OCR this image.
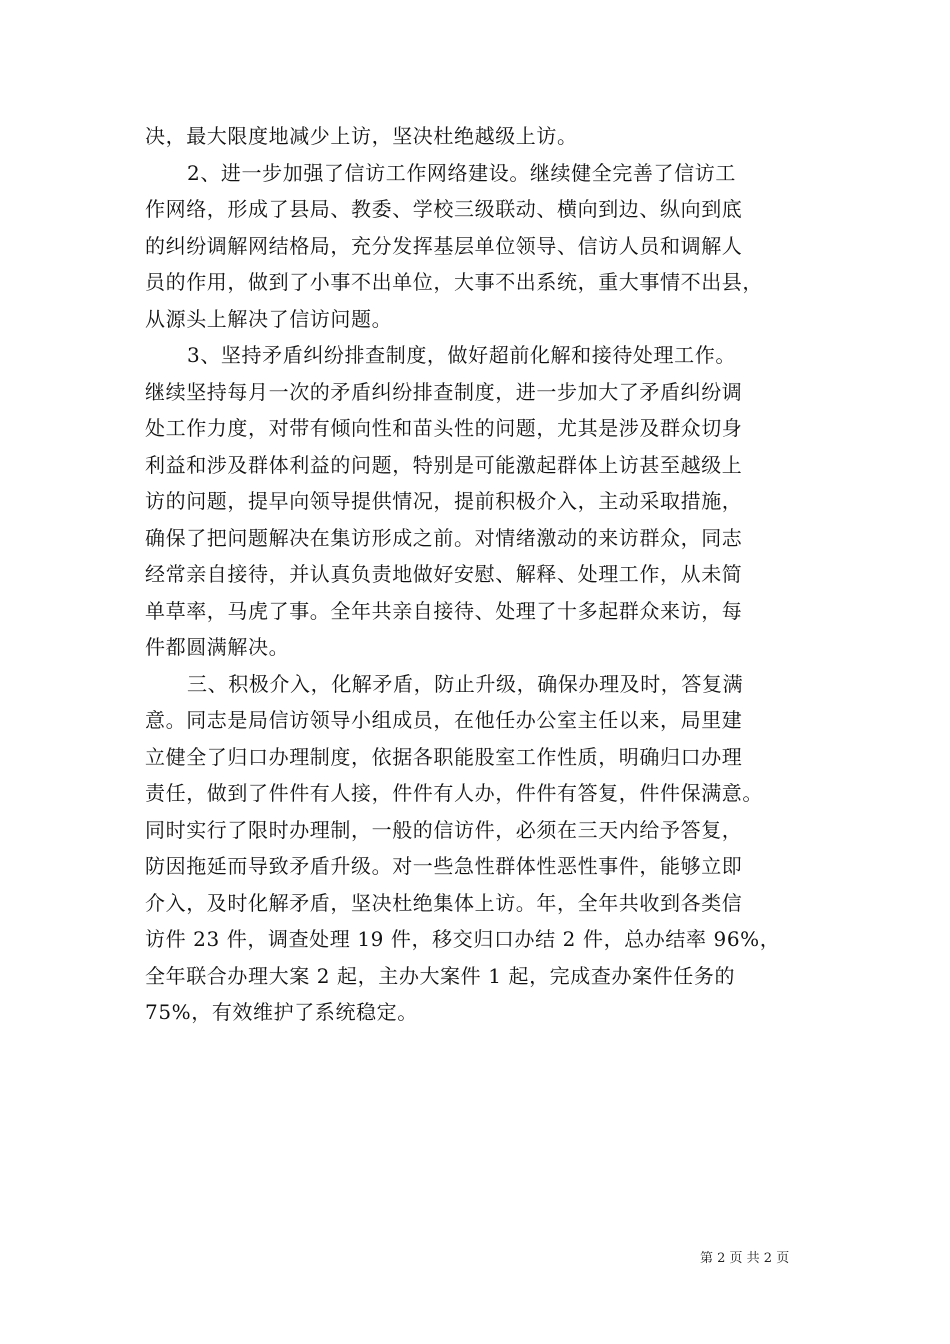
决，最大限度地减少上访，坚决杜绝越级上访。
2、进一步加强了信访工作网络建设。继续健全完善了信访工
作网络，形成了县局、教委、学校三级联动、横向到边、纵向到底
的纠纷调解网结格局，充分发挥基层单位领导、信访人员和调解人
员的作用，做到了小事不出单位，大事不出系统，重大事情不出县，
从源头上解决了信访问题。
3、坚持矛盾纠纷排查制度，做好超前化解和接待处理工作。
继续坚持每月一次的矛盾纠纷排查制度，进一步加大了矛盾纠纷调
处工作力度，对带有倾向性和苗头性的问题，尤其是涉及群众切身
利益和涉及群体利益的问题，特别是可能激起群体上访甚至越级上
访的问题，提早向领导提供情况，提前积极介入，主动采取措施，
确保了把问题解决在集访形成之前。对情绪激动的来访群众，同志
经常亲自接待，并认真负责地做好安慰、解释、处理工作，从未简
单草率，马虎了事。全年共亲自接待、处理了十多起群众来访，每
件都圆满解决。
三、积极介入，化解矛盾，防止升级，确保办理及时，答复满
意。同志是局信访领导小组成员，在他任办公室主任以来，局里建
立健全了归口办理制度，依据各职能股室工作性质，明确归口办理
责任，做到了件件有人接，件件有人办，件件有答复，件件保满意。
同时实行了限时办理制，一般的信访件，必须在三天内给予答复，
防因拖延而导致矛盾升级。对一些急性群体性恶性事件，能够立即
介入，及时化解矛盾，坚决杜绝集体上访。年，全年共收到各类信
访件 23 件，调查处理 19 件，移交归口办结 2 件，总办结率 96%，
全年联合办理大案 2 起，主办大案件 1 起，完成查办案件任务的
75%，有效维护了系统稳定。
第 2 页 共 2 页
